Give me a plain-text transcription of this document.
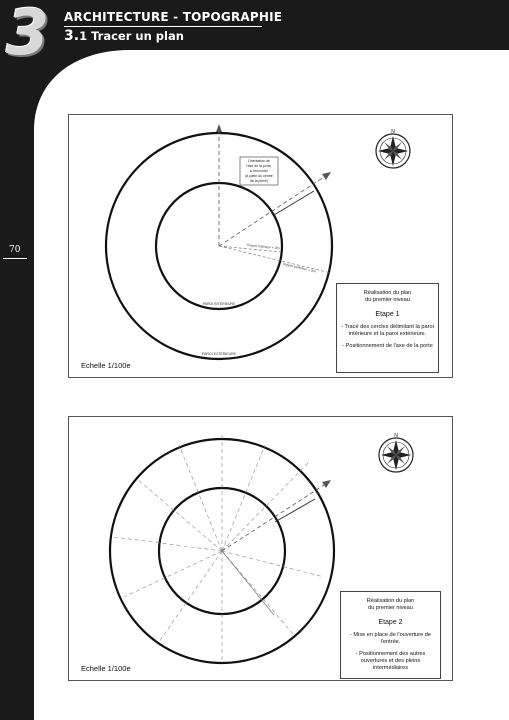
3 ARCHITECTURE - TOPOGRAPHIE
3.1 Tracer un plan
70
N
Orientation de
l'axe de la porte,
à l'encontre
(à partir du centre
de la pièce)
Rayon intérieur = 3m
Rayon extérieur = 5m
PAROI INTÉRIEURE
PAROI EXTÉRIEURE
Echelle 1/100e
Réalisation du plan
du premier niveau
Etape 1
- Tracé des cercles délimitant la paroi intérieure et la paroi extérieure.
- Positionnement de l'axe de la porte
N
Echelle 1/100e
Réalisation du plan
du premier niveau
Etape 2
- Mise en place de l'ouverture de l'entrée.
- Positionnement des autres ouvertures et des pleins intermédiaires
